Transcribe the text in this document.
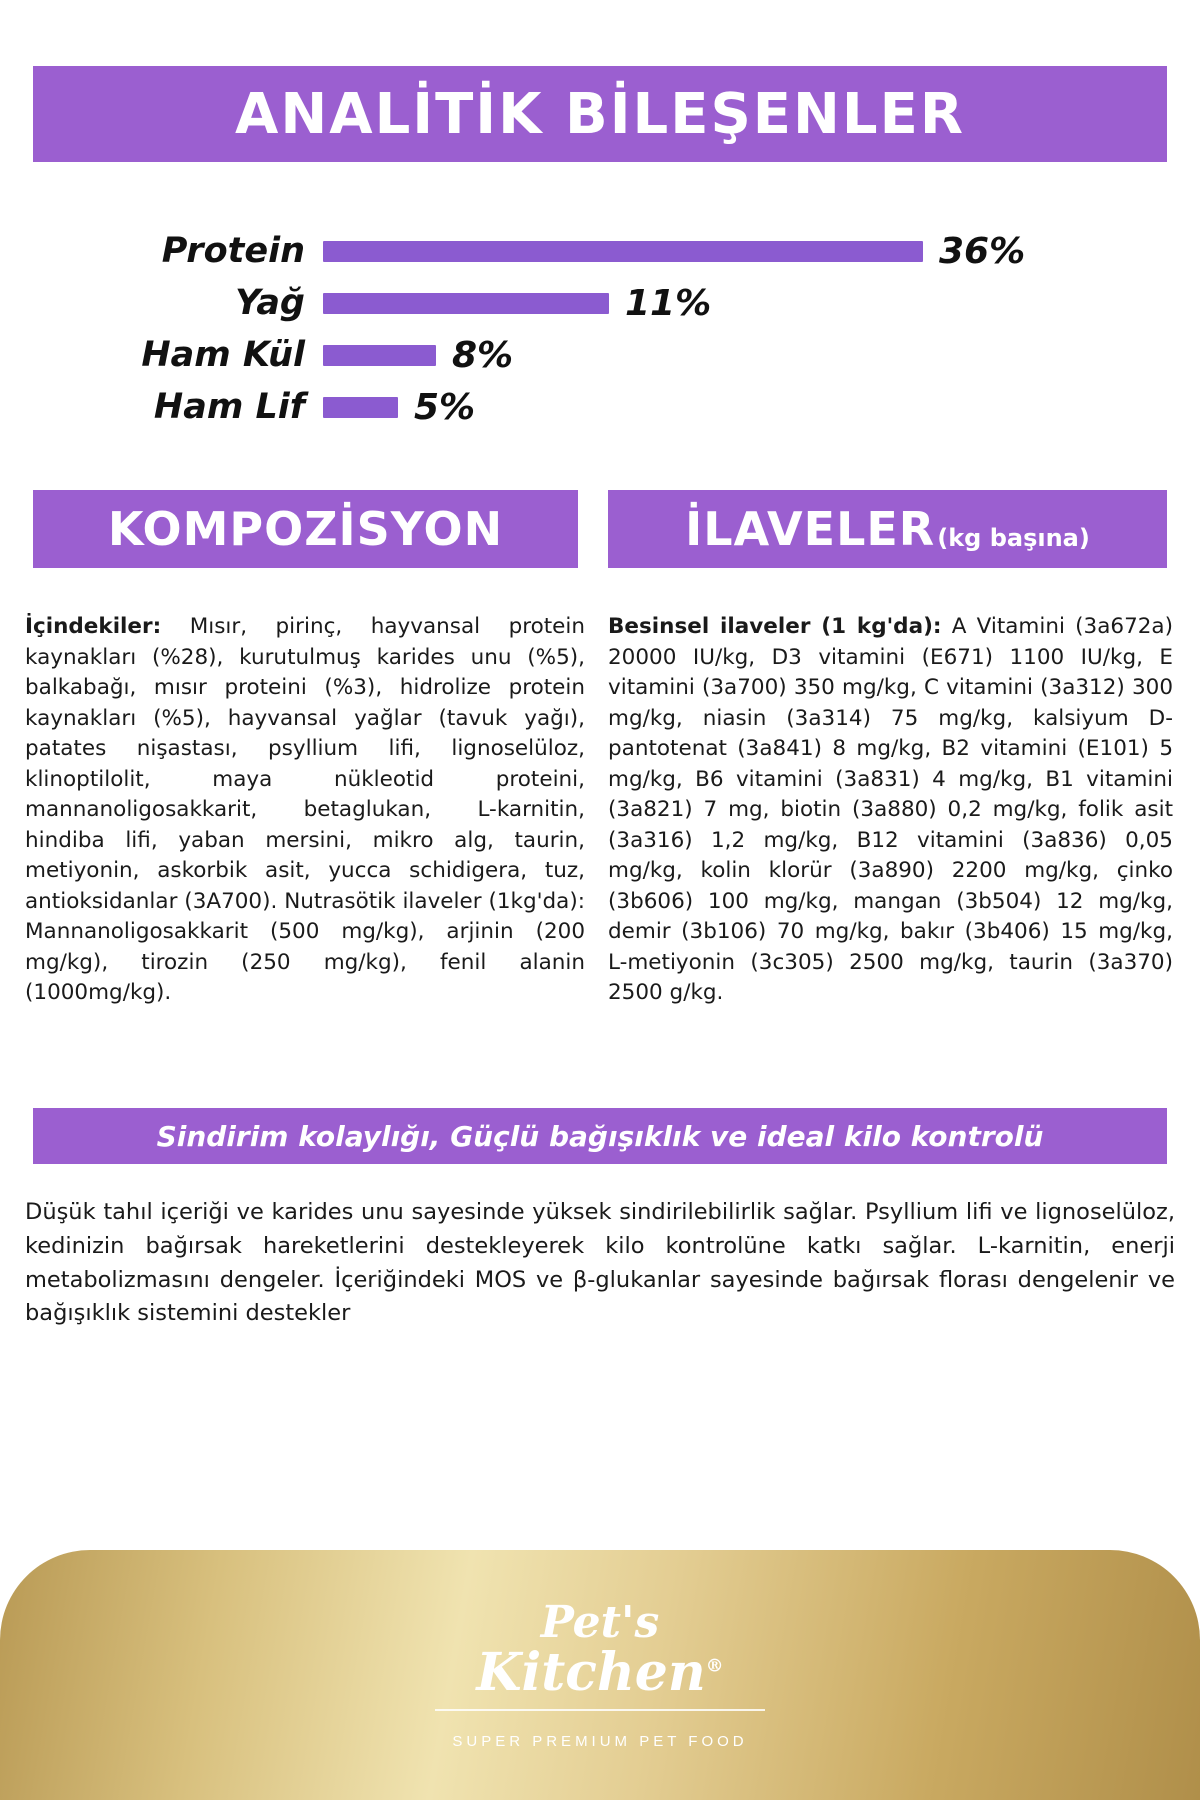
ANALİTİK BİLEŞENLER
Protein	36%
Yağ	11%
Ham Kül	8%
Ham Lif	5%
KOMPOZİSYON	İLAVELER (kg başına)
İçindekiler: Mısır, pirinç, hayvansal protein kaynakları (%28), kurutulmuş karides unu (%5), balkabağı, mısır proteini (%3), hidrolize protein kaynakları (%5), hayvansal yağlar (tavuk yağı), patates nişastası, psyllium lifi, lignoselüloz, klinoptilolit, maya nükleotid proteini, mannanoligosakkarit, betaglukan, L-karnitin, hindiba lifi, yaban mersini, mikro alg, taurin, metiyonin, askorbik asit, yucca schidigera, tuz, antioksidanlar (3A700). Nutrasötik ilaveler (1kg'da): Mannanoligosakkarit (500 mg/kg), arjinin (200 mg/kg), tirozin (250 mg/kg), fenil alanin (1000mg/kg).
Besinsel ilaveler (1 kg'da): A Vitamini (3a672a) 20000 IU/kg, D3 vitamini (E671) 1100 IU/kg, E vitamini (3a700) 350 mg/kg, C vitamini (3a312) 300 mg/kg, niasin (3a314) 75 mg/kg, kalsiyum D-pantotenat (3a841) 8 mg/kg, B2 vitamini (E101) 5 mg/kg, B6 vitamini (3a831) 4 mg/kg, B1 vitamini (3a821) 7 mg, biotin (3a880) 0,2 mg/kg, folik asit (3a316) 1,2 mg/kg, B12 vitamini (3a836) 0,05 mg/kg, kolin klorür (3a890) 2200 mg/kg, çinko (3b606) 100 mg/kg, mangan (3b504) 12 mg/kg, demir (3b106) 70 mg/kg, bakır (3b406) 15 mg/kg, L-metiyonin (3c305) 2500 mg/kg, taurin (3a370) 2500 g/kg.
Sindirim kolaylığı, Güçlü bağışıklık ve ideal kilo kontrolü
Düşük tahıl içeriği ve karides unu sayesinde yüksek sindirilebilirlik sağlar. Psyllium lifi ve lignoselüloz, kedinizin bağırsak hareketlerini destekleyerek kilo kontrolüne katkı sağlar. L-karnitin, enerji metabolizmasını dengeler. İçeriğindeki MOS ve β-glukanlar sayesinde bağırsak florası dengelenir ve bağışıklık sistemini destekler
Pet's
Kitchen®
SUPER PREMIUM PET FOOD
